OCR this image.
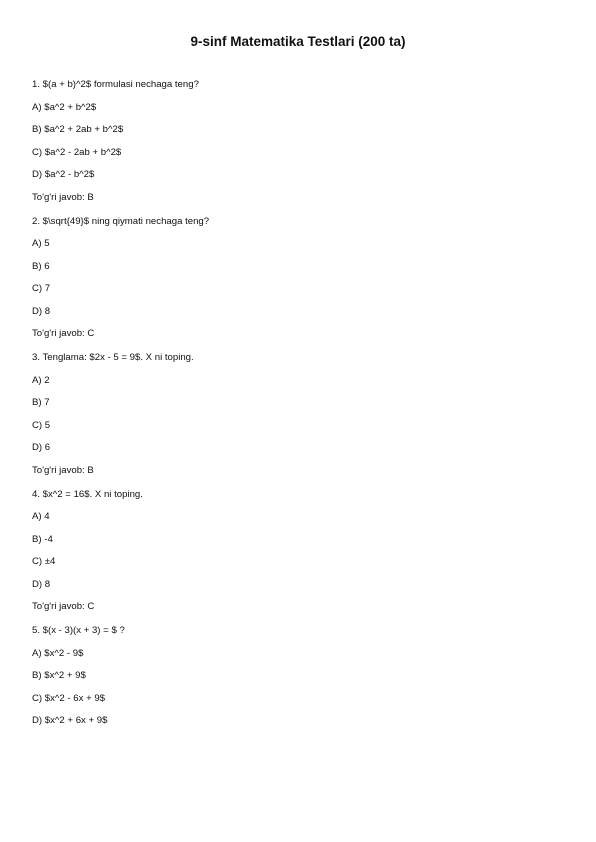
9-sinf Matematika Testlari (200 ta)
1. $(a + b)^2$ formulasi nechaga teng?
A) $a^2 + b^2$
B) $a^2 + 2ab + b^2$
C) $a^2 - 2ab + b^2$
D) $a^2 - b^2$
To'g'ri javob: B
2. $\sqrt{49}$ ning qiymati nechaga teng?
A) 5
B) 6
C) 7
D) 8
To'g'ri javob: C
3. Tenglama: $2x - 5 = 9$. X ni toping.
A) 2
B) 7
C) 5
D) 6
To'g'ri javob: B
4. $x^2 = 16$. X ni toping.
A) 4
B) -4
C) ±4
D) 8
To'g'ri javob: C
5. $(x - 3)(x + 3) = $ ?
A) $x^2 - 9$
B) $x^2 + 9$
C) $x^2 - 6x + 9$
D) $x^2 + 6x + 9$
